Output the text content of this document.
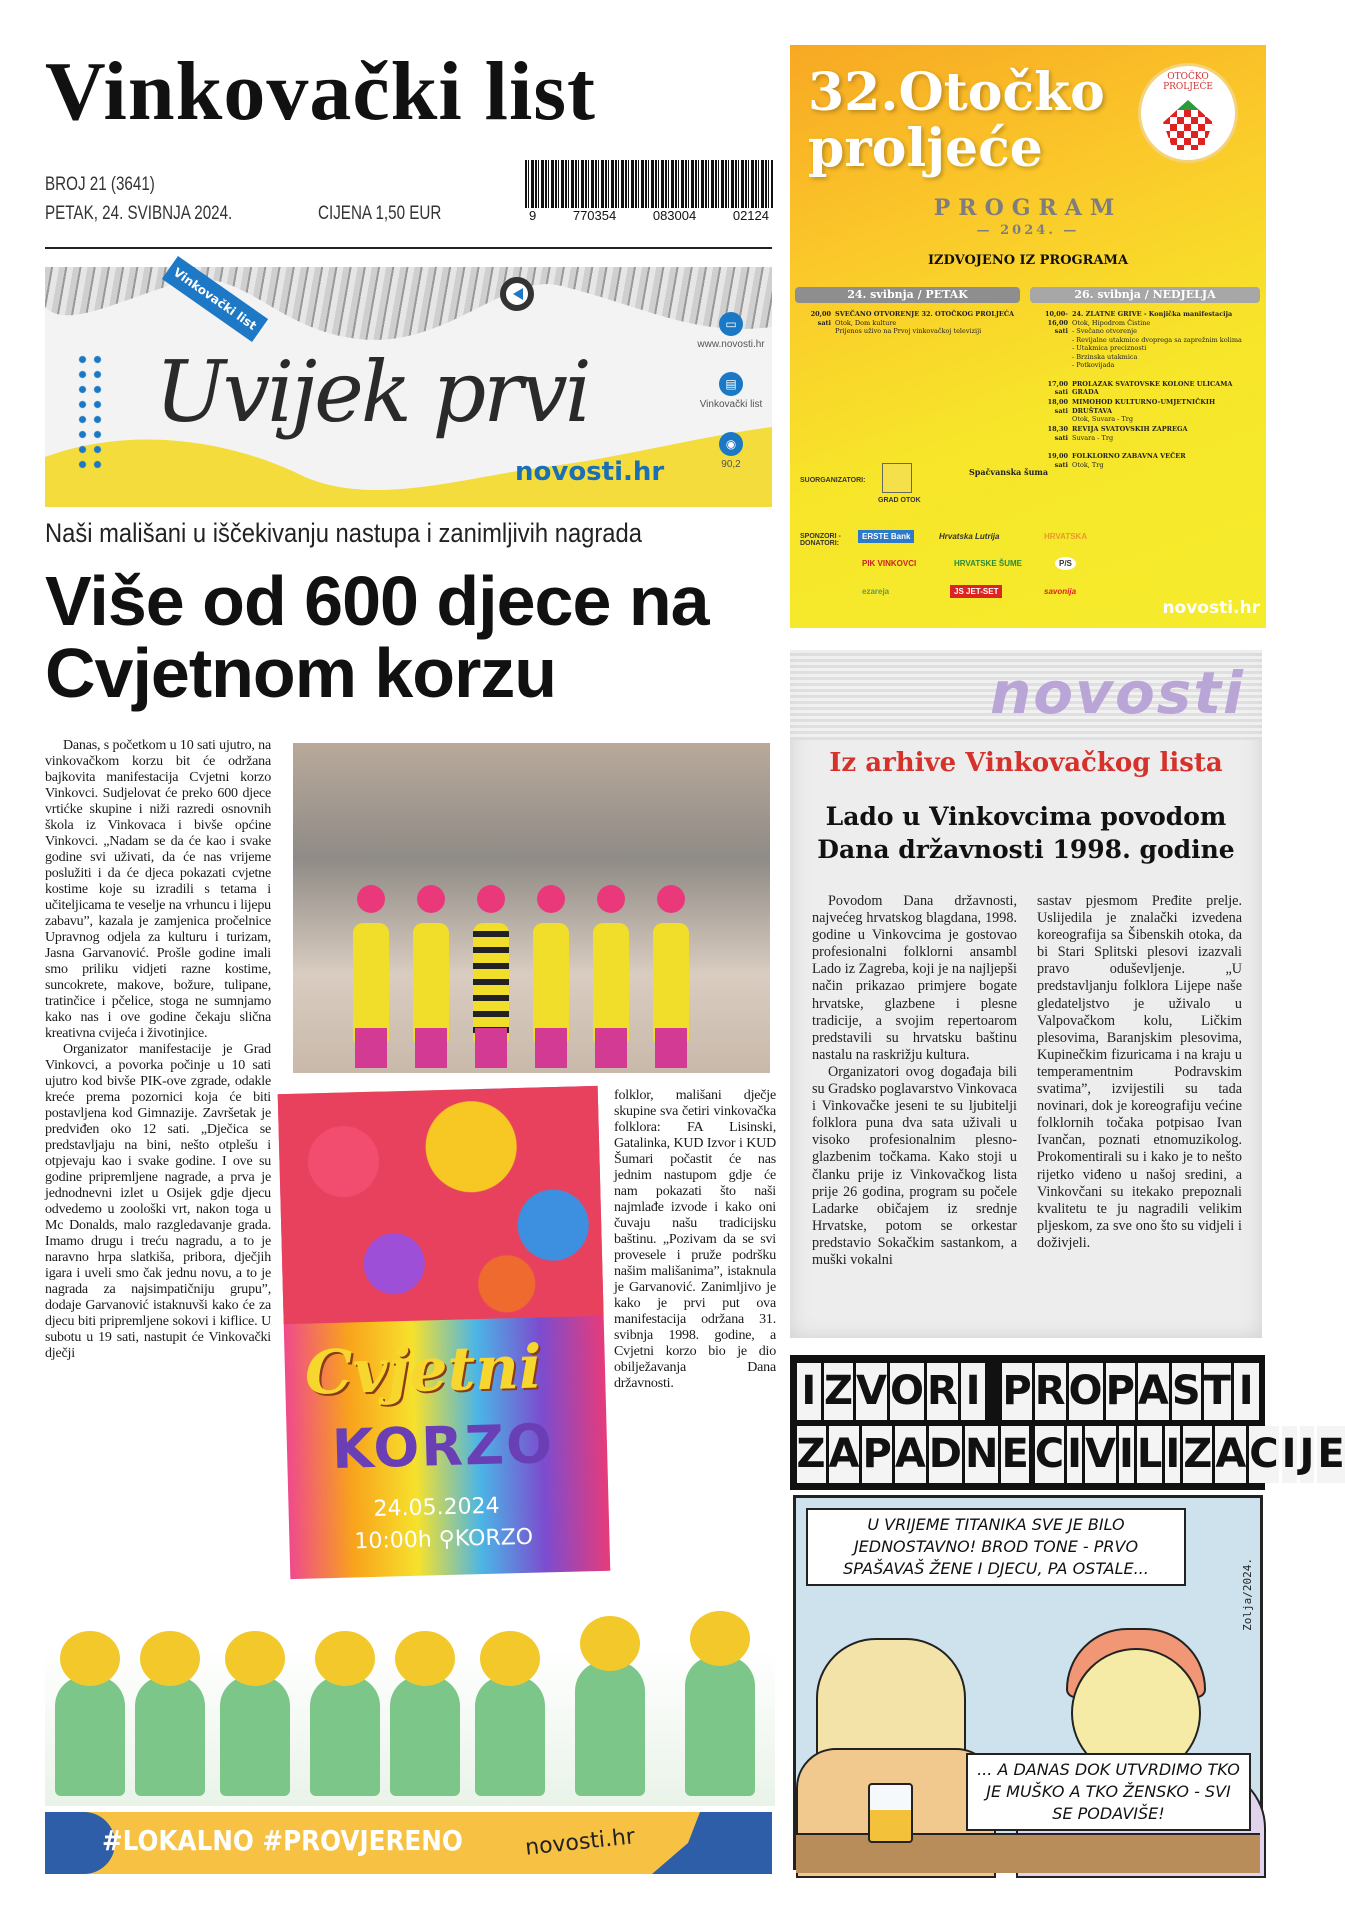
Vinkovački list
BROJ 21 (3641)
PETAK, 24. SVIBNJA 2024.	CIJENA 1,50 EUR	9	770354	083004	02124
Vinkovački list
Uvijek prvi
novosti.hr
▭
www.novosti.hr
▤
Vinkovački list
◉
90,2
32.Otočko
proljeće
OTOČKO PROLJEĆE
PROGRAM
— 2024. —
IZDVOJENO IZ PROGRAMA
24. svibnja / PETAK	26. svibnja / NEDJELJA
20,00 sati
SVEČANO OTVORENJE 32. OTOČKOG PROLJEĆA
Otok, Dom kulture
Prijenos uživo na Prvoj vinkovačkoj televiziji
10,00-16,00 sati
24. ZLATNE GRIVE - Konjička manifestacija
Otok, Hipodrom Čistine
- Svečano otvorenje
- Revijalne utakmice dvoprega sa zaprežnim kolima
- Utakmica preciznosti
- Brzinska utakmica
- Potkovijada
17,00 sati
PROLAZAK SVATOVSKE KOLONE ULICAMA GRADA
18,00 sati
MIMOHOD KULTURNO-UMJETNIČKIH DRUŠTAVA
Otok, Suvara - Trg
18,30 sati
REVIJA SVATOVSKIH ZAPREGA
Suvara - Trg
19,00 sati
FOLKLORNO ZABAVNA VEČER
Otok, Trg
SUORGANIZATORI:
GRAD OTOK
Spačvanska šuma
SPONZORI - DONATORI:
ERSTE Bank	Hrvatska Lutrija	HRVATSKA
PIK VINKOVCI	HRVATSKE ŠUME	P/S
ezareja	JS JET-SET	savonija
novosti.hr
Naši mališani u iščekivanju nastupa i zanimljivih nagrada
Više od 600 djece na Cvjetnom korzu

Danas, s početkom u 10 sati ujutro, na vinkovačkom korzu bit će održana bajkovita manifestacija Cvjetni korzo Vinkovci. Sudjelovat će preko 600 djece vrtićke skupine i niži razredi osnovnih škola iz Vinkovaca i bivše općine Vinkovci. „Nadam se da će kao i svake godine svi uživati, da će nas vrijeme poslužiti i da će djeca pokazati cvjetne kostime koje su izradili s tetama i učiteljicama te veselje na vrhuncu i lijepu zabavu”, kazala je zamjenica pročelnice Upravnog odjela za kulturu i turizam, Jasna Garvanović. Prošle godine imali smo priliku vidjeti razne kostime, suncokrete, makove, božure, tulipane, tratinčice i pčelice, stoga ne sumnjamo kako nas i ove godine čekaju slična kreativna cvijeća i životinjice.

Organizator manifestacije je Grad Vinkovci, a povorka počinje u 10 sati ujutro kod bivše PIK-ove zgrade, odakle kreće prema pozornici koja će biti postavljena kod Gimnazije. Završetak je predviđen oko 12 sati. „Dječica se predstavljaju na bini, nešto otplešu i otpjevaju kao i svake godine. I ove su godine pripremljene nagrade, a prva je jednodnevni izlet u Osijek gdje djecu odvedemo u zoološki vrt, nakon toga u Mc Donalds, malo razgledavanje grada. Imamo drugu i treću nagradu, a to je naravno hrpa slatkiša, pribora, dječjih igara i uveli smo čak jednu novu, a to je nagrada za najsimpatičniju grupu”, dodaje Garvanović istaknuvši kako će za djecu biti pripremljene sokovi i kiflice. U subotu u 19 sati, nastupit će Vinkovački dječji	Cvjetni
KORZO
24.05.2024
10:00h ⚲KORZO

folklor, mališani dječje skupine sva četiri vinkovačka folklora: FA Lisinski, Gatalinka, KUD Izvor i KUD Šumari počastit će nas jednim nastupom gdje će nam pokazati što naši najmlađe izvode i kako oni čuvaju našu tradicijsku baštinu. „Pozivam da se svi provesele i pruže podršku našim mališanima”, istaknula je Garvanović. Zanimljivo je kako je prvi put ova manifestacija održana 31. svibnja 1998. godine, a Cvjetni korzo bio je dio obilježavanja Dana državnosti.

#LOKALNO #PROVJERENO	novosti.hr
novosti
Iz arhive Vinkovačkog lista
Lado u Vinkovcima povodom Dana državnosti 1998. godine

Povodom Dana državnosti, najvećeg hrvatskog blagdana, 1998. godine u Vinkovcima je gostovao profesionalni folklorni ansambl Lado iz Zagreba, koji je na najljepši način prikazao primjere bogate hrvatske, glazbene i plesne tradicije, a svojim repertoarom predstavili su hrvatsku baštinu nastalu na raskrižju kultura.

Organizatori ovog događaja bili su Gradsko poglavarstvo Vinkovaca i Vinkovačke jeseni te su ljubitelji folklora puna dva sata uživali u visoko profesionalnim plesno-glazbenim točkama. Kako stoji u članku prije iz Vinkovačkog lista prije 26 godina, program su počele Ladarke običajem iz srednje Hrvatske, potom se orkestar predstavio Sokačkim sastankom, a muški vokalni

sastav pjesmom Pređite prelje. Uslijedila je znalački izvedena koreografija sa Šibenskih otoka, da bi Stari Splitski plesovi izazvali pravo oduševljenje. „U predstavljanju folklora Lijepe naše gledateljstvo je uživalo u Valpovačkom kolu, Ličkim plesovima, Baranjskim plesovima, Kupinečkim fizuricama i na kraju u temperamentnim Podravskim svatima”, izvijestili su tada novinari, dok je koreografiju većine folklornih točaka potpisao Ivan Ivančan, poznati etnomuzikolog. Prokomentirali su i kako je to nešto rijetko viđeno u našoj sredini, a Vinkovčani su itekako prepoznali kvalitetu te ju nagradili velikim pljeskom, za sve ono što su vidjeli i doživjeli.

I Z V O R I P R O P A S T I
Z A P A D N E C I V I L I Z A C I J E
U VRIJEME TITANIKA SVE JE BILO JEDNOSTAVNO! BROD TONE - PRVO SPAŠAVAŠ ŽENE I DJECU, PA OSTALE...
... A DANAS DOK UTVRDIMO TKO JE MUŠKO A TKO ŽENSKO - SVI SE PODAVIŠE!
Zolja/2024.
